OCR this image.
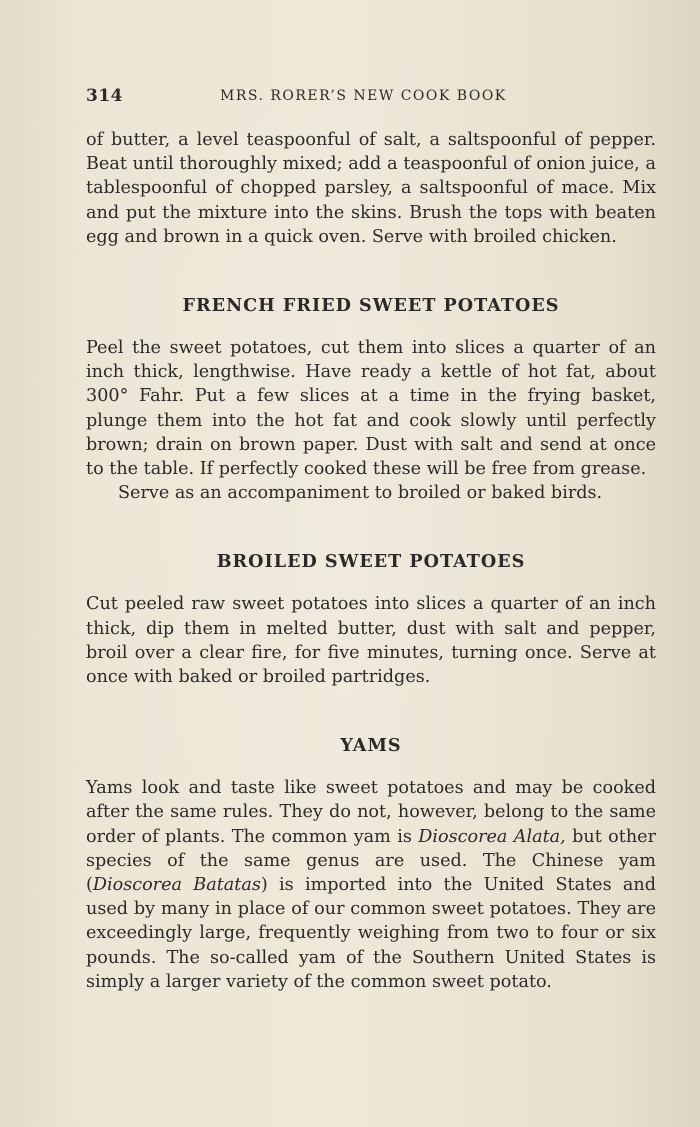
314	MRS. RORER’S NEW COOK BOOK

of butter, a level teaspoonful of salt, a saltspoonful of pepper. Beat until thoroughly mixed; add a teaspoonful of onion juice, a tablespoonful of chopped parsley, a saltspoonful of mace. Mix and put the mixture into the skins. Brush the tops with beaten egg and brown in a quick oven. Serve with broiled chicken.

FRENCH FRIED SWEET POTATOES

Peel the sweet potatoes, cut them into slices a quarter of an inch thick, lengthwise. Have ready a kettle of hot fat, about 300° Fahr. Put a few slices at a time in the frying basket, plunge them into the hot fat and cook slowly until perfectly brown; drain on brown paper. Dust with salt and send at once to the table. If perfectly cooked these will be free from grease.

Serve as an accompaniment to broiled or baked birds.

BROILED SWEET POTATOES

Cut peeled raw sweet potatoes into slices a quarter of an inch thick, dip them in melted butter, dust with salt and pepper, broil over a clear fire, for five minutes, turning once. Serve at once with baked or broiled partridges.

YAMS

Yams look and taste like sweet potatoes and may be cooked after the same rules. They do not, however, belong to the same order of plants. The common yam is Dioscorea Alata, but other species of the same genus are used. The Chinese yam (Dioscorea Batatas) is imported into the United States and used by many in place of our common sweet potatoes. They are exceedingly large, frequently weighing from two to four or six pounds. The so-called yam of the Southern United States is simply a larger variety of the common sweet potato.
